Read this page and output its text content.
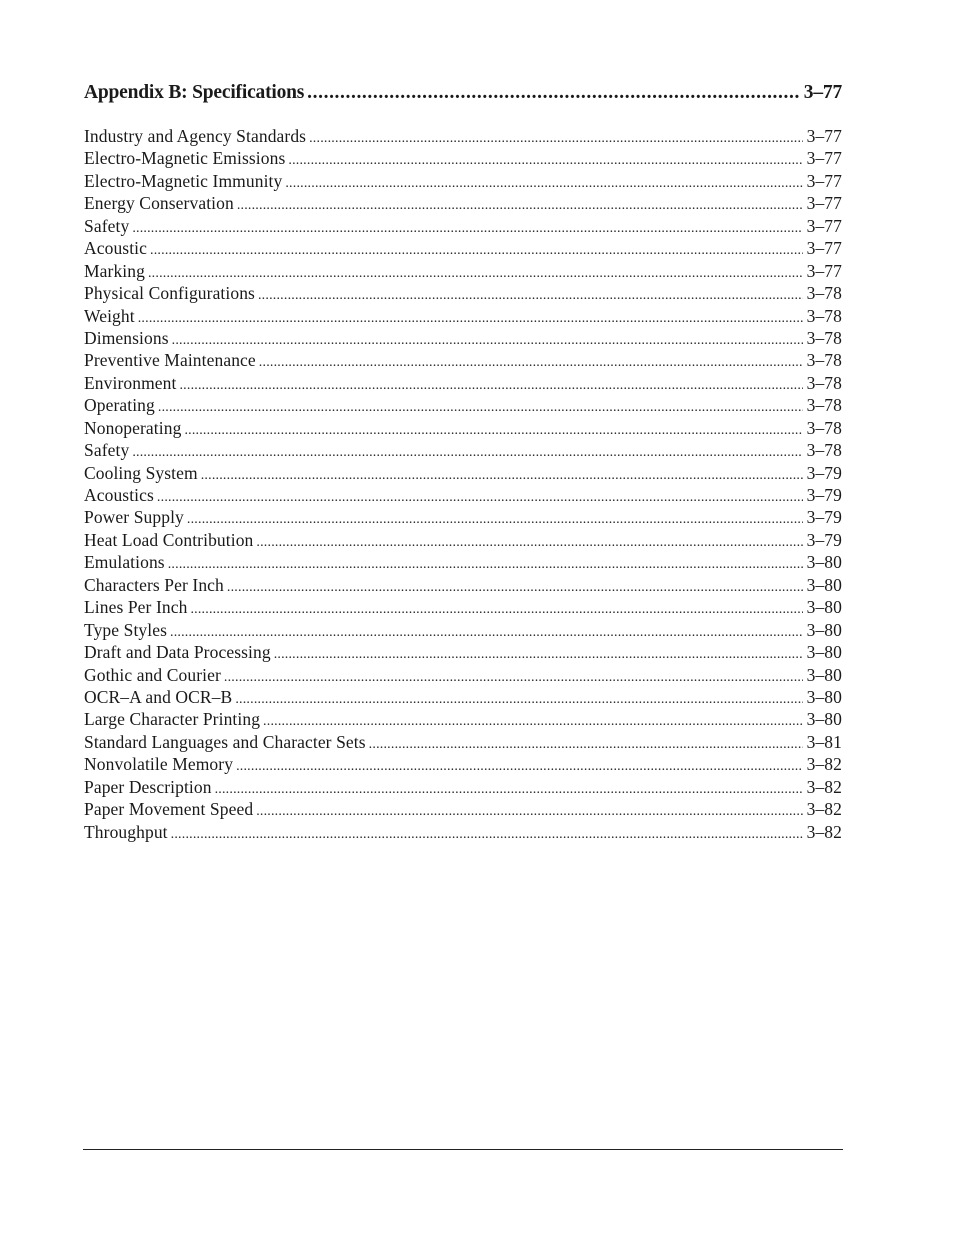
Appendix B: Specifications .....	3–77
Industry and Agency Standards .....	3–77
Electro-Magnetic Emissions .....	3–77
Electro-Magnetic Immunity .....	3–77
Energy Conservation .....	3–77
Safety .....	3–77
Acoustic .....	3–77
Marking .....	3–77
Physical Configurations .....	3–78
Weight .....	3–78
Dimensions .....	3–78
Preventive Maintenance .....	3–78
Environment .....	3–78
Operating .....	3–78
Nonoperating .....	3–78
Safety .....	3–78
Cooling System .....	3–79
Acoustics .....	3–79
Power Supply .....	3–79
Heat Load Contribution .....	3–79
Emulations .....	3–80
Characters Per Inch .....	3–80
Lines Per Inch .....	3–80
Type Styles .....	3–80
Draft and Data Processing .....	3–80
Gothic and Courier .....	3–80
OCR–A and OCR–B .....	3–80
Large Character Printing .....	3–80
Standard Languages and Character Sets .....	3–81
Nonvolatile Memory .....	3–82
Paper Description .....	3–82
Paper Movement Speed .....	3–82
Throughput .....	3–82
